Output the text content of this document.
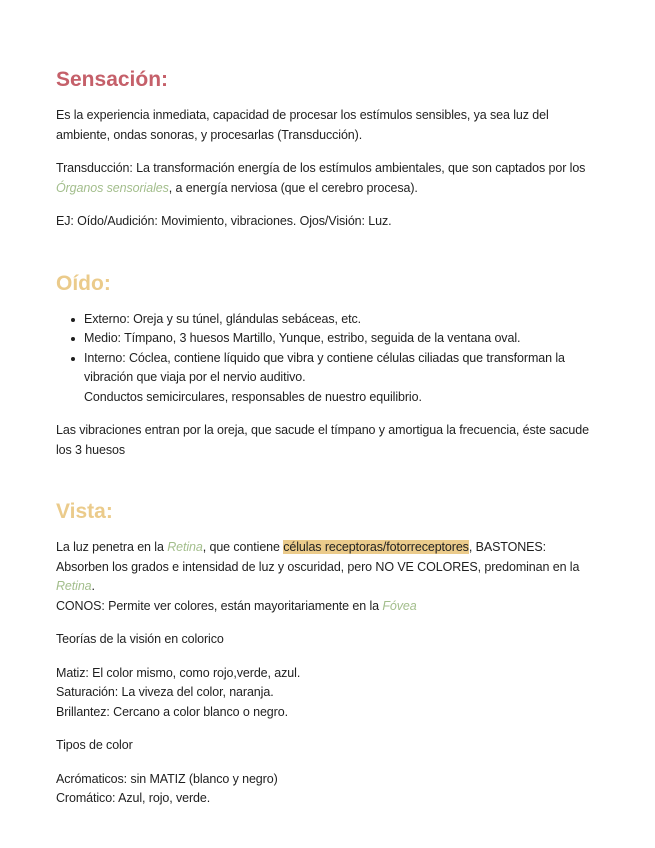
Sensación:

Es la experiencia inmediata, capacidad de procesar los estímulos sensibles, ya sea luz del ambiente, ondas sonoras, y procesarlas (Transducción).

Transducción: La transformación energía de los estímulos ambientales, que son captados por los Órganos sensoriales, a energía nerviosa (que el cerebro procesa).

EJ: Oído/Audición: Movimiento, vibraciones. Ojos/Visión: Luz.

Oído:
Externo: Oreja y su túnel, glándulas sebáceas, etc.
Medio: Tímpano, 3 huesos Martillo, Yunque, estribo, seguida de la ventana oval.
Interno: Cóclea, contiene líquido que vibra y contiene células ciliadas que transforman la vibración que viaja por el nervio auditivo.
Conductos semicirculares, responsables de nuestro equilibrio.

Las vibraciones entran por la oreja, que sacude el tímpano y amortigua la frecuencia, éste sacude los 3 huesos

Vista:

La luz penetra en la Retina, que contiene células receptoras/fotorreceptores, BASTONES: Absorben los grados e intensidad de luz y oscuridad, pero NO VE COLORES, predominan en la Retina.
CONOS: Permite ver colores, están mayoritariamente en la Fóvea

Teorías de la visión en colorico

Matiz: El color mismo, como rojo,verde, azul.

Saturación: La viveza del color, naranja.

Brillantez: Cercano a color blanco o negro.

Tipos de color

Acrómaticos: sin MATIZ (blanco y negro)

Cromático: Azul, rojo, verde.
